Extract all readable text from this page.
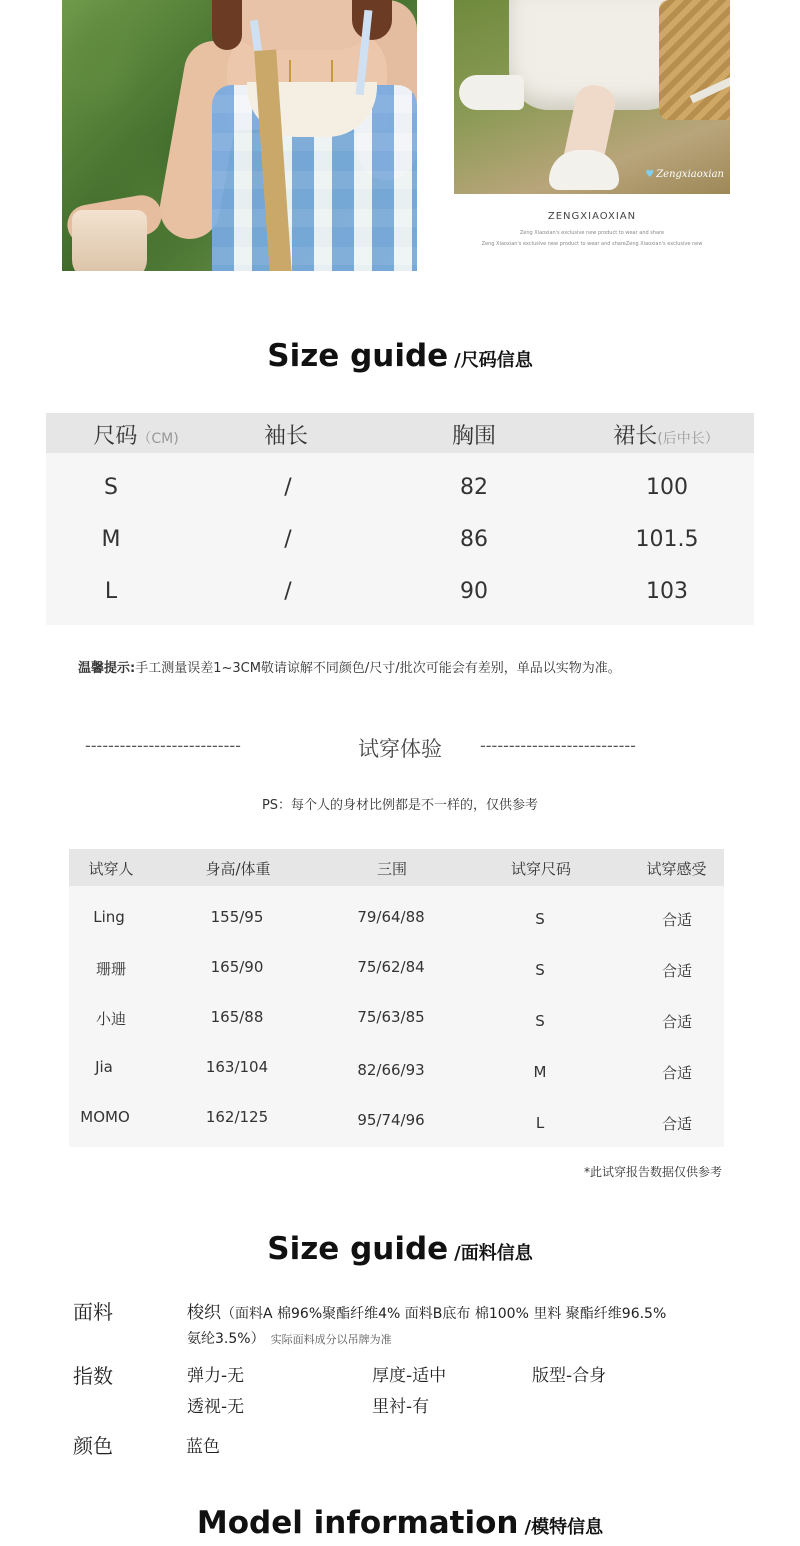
♥ Zengxiaoxian
ZENGXIAOXIAN
Zeng Xiaoxian's exclusive new product to wear and share
Zeng Xiaoxian's exclusive new product to wear and shareZeng Xiaoxian's exclusive new
Size guide /尺码信息
尺码（CM)	袖长	胸围	裙长(后中长）
S	/	82	100
M	/	86	101.5
L	/	90	103
温馨提示:手工测量误差1~3CM敬请谅解不同颜色/尺寸/批次可能会有差别，单品以实物为准。
---------------------------	试穿体验	---------------------------
PS：每个人的身材比例都是不一样的，仅供参考
试穿人	身高/体重	三围	试穿尺码	试穿感受
Ling	155/95	79/64/88	S	合适
珊珊	165/90	75/62/84	S	合适
小迪	165/88	75/63/85	S	合适
Jia	163/104	82/66/93	M	合适
MOMO	162/125	95/74/96	L	合适
*此试穿报告数据仅供参考
Size guide /面料信息
面料	梭织（面料A 棉96%聚酯纤维4% 面料B底布 棉100% 里料 聚酯纤维96.5%
氨纶3.5%） 实际面料成分以吊牌为准
指数	弹力-无	厚度-适中	版型-合身
透视-无	里衬-有
颜色	蓝色
Model information /模特信息
